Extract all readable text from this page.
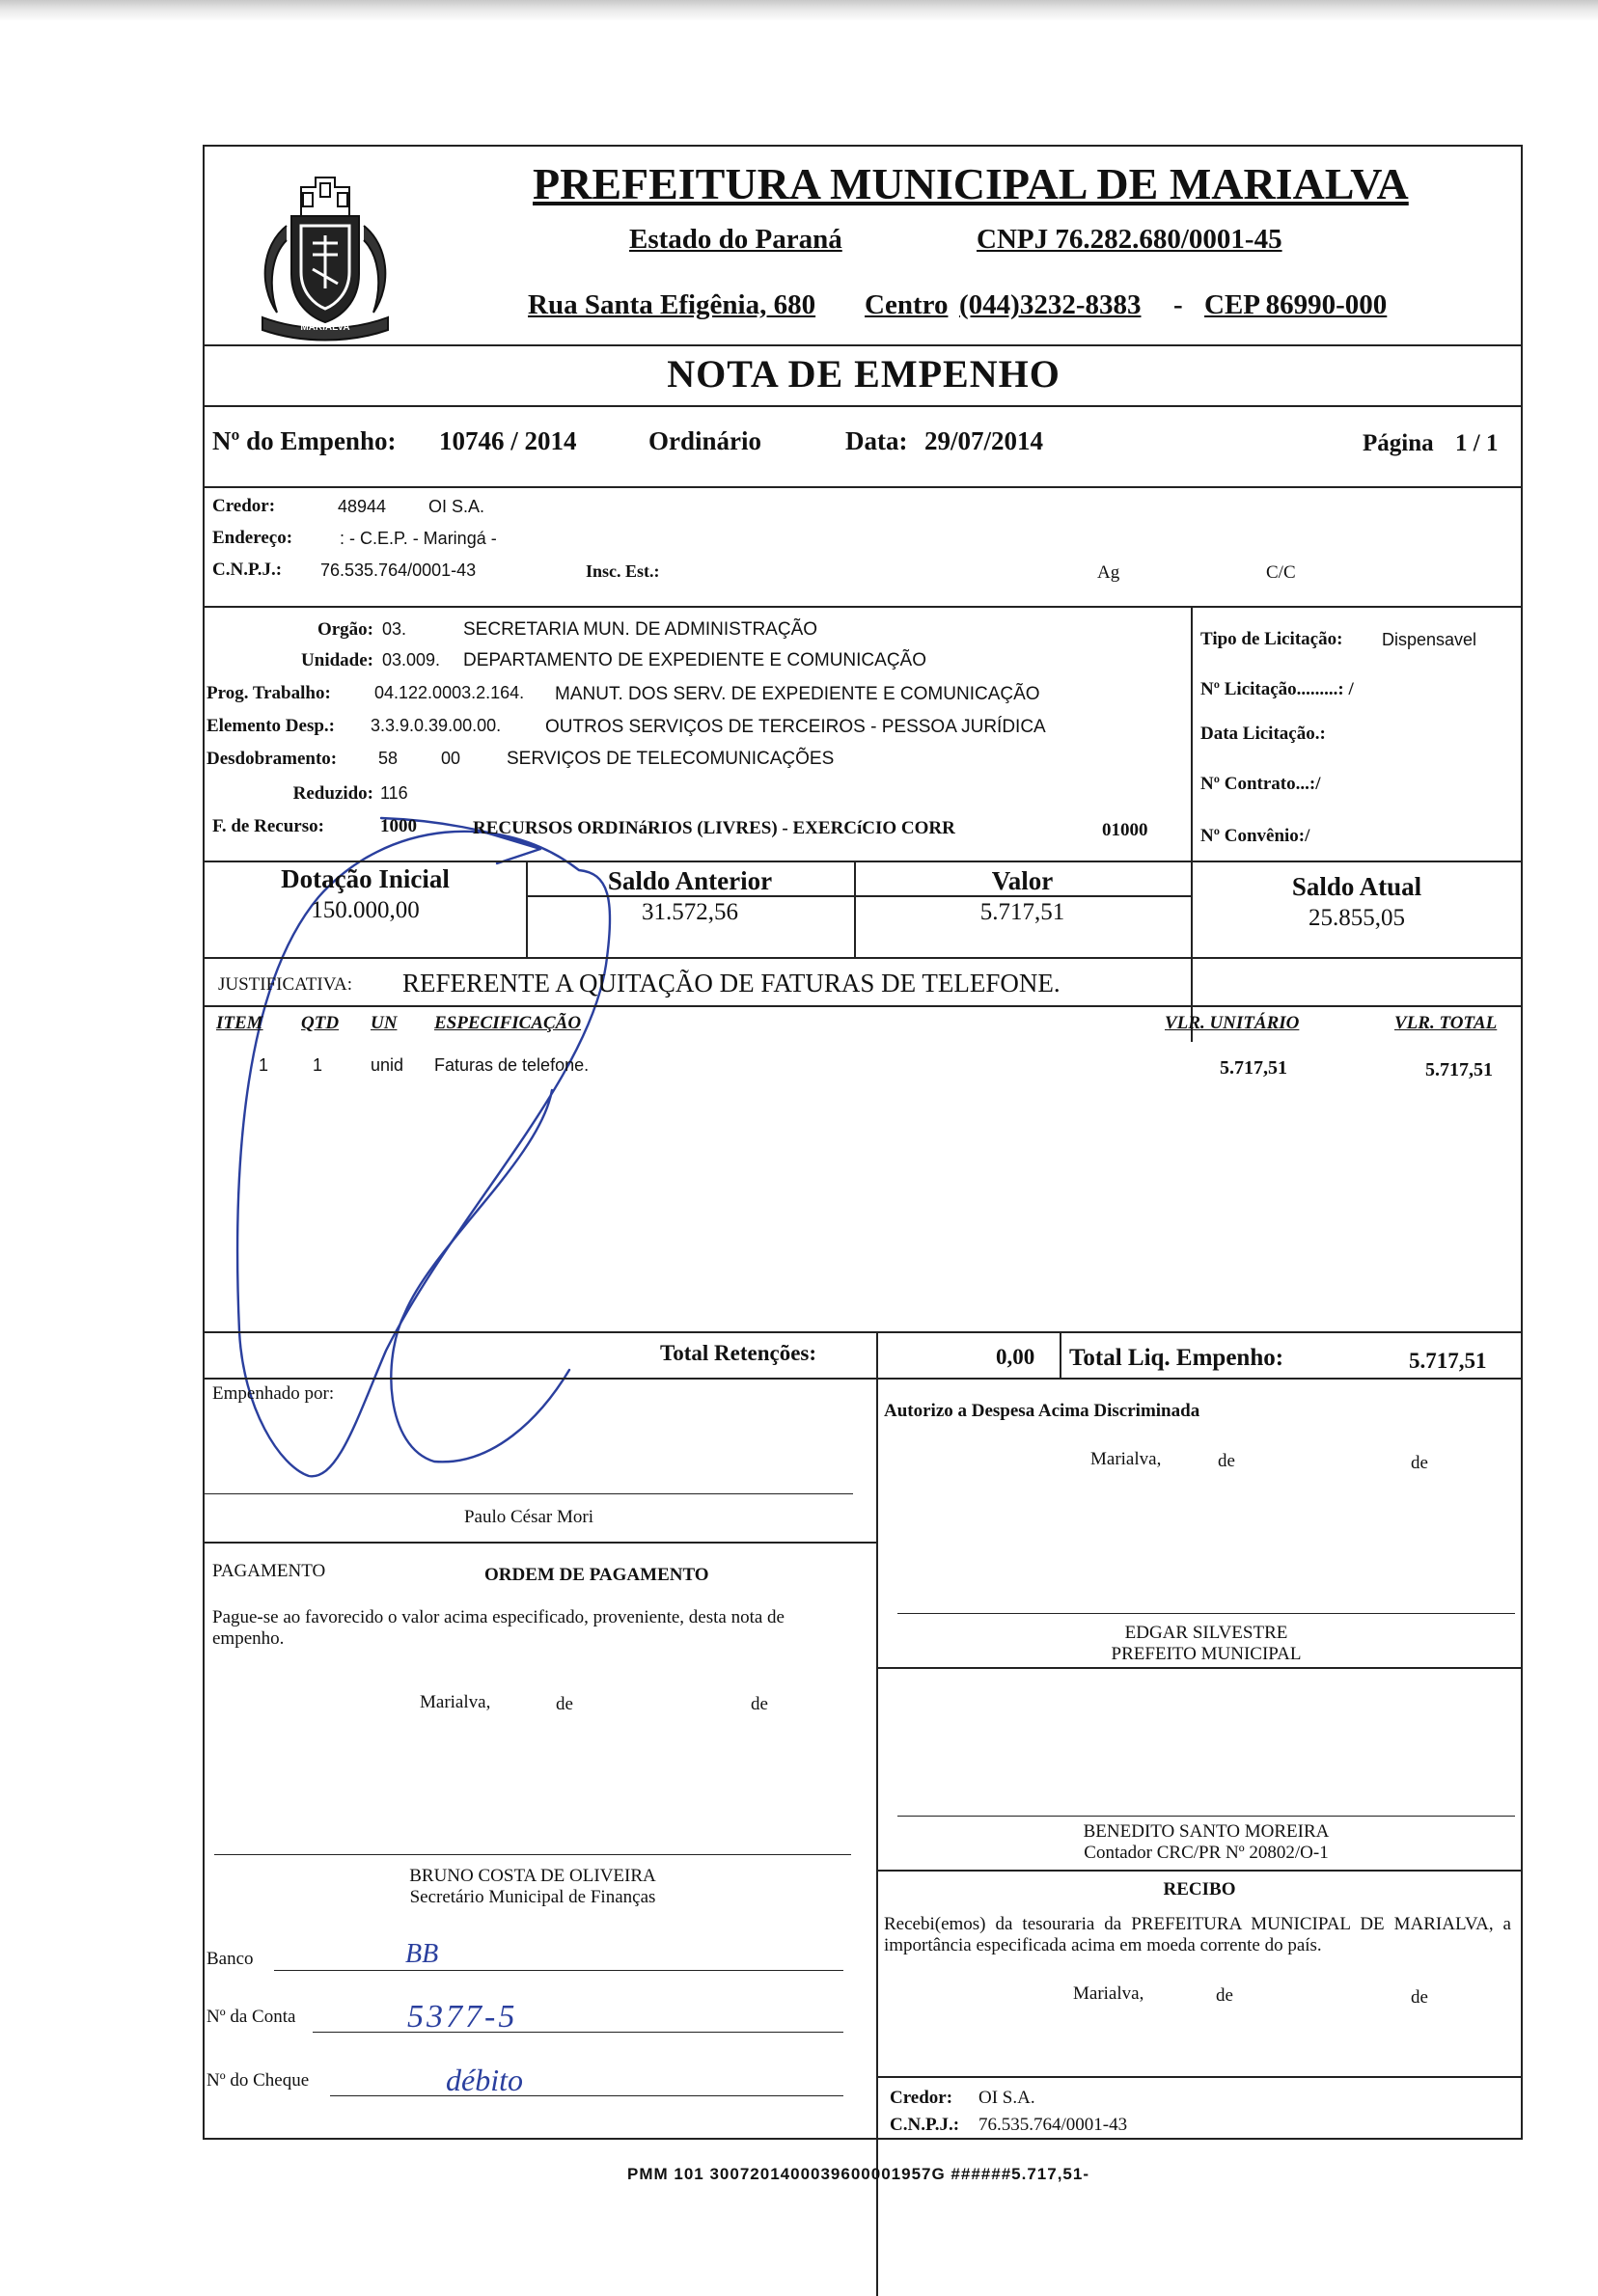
MARIALVA
PREFEITURA MUNICIPAL DE MARIALVA
Estado do Paraná	CNPJ 76.282.680/0001-45
Rua Santa Efigênia, 680 Centro (044)3232-8383 - CEP 86990-000
NOTA DE EMPENHO
Nº do Empenho: 10746 / 2014	Ordinário	Data: 29/07/2014	Página 1 / 1
Credor:	48944 OI S.A.
Endereço:	: - C.E.P. - Maringá -
C.N.P.J.: 76.535.764/0001-43	Insc. Est.:	Ag	C/C
Orgão: 03.	SECRETARIA MUN. DE ADMINISTRAÇÃO
Unidade: 03.009. DEPARTAMENTO DE EXPEDIENTE E COMUNICAÇÃO
Prog. Trabalho:	04.122.0003.2.164. MANUT. DOS SERV. DE EXPEDIENTE E COMUNICAÇÃO
Elemento Desp.: 3.3.9.0.39.00.00. OUTROS SERVIÇOS DE TERCEIROS - PESSOA JURÍDICA
Desdobramento: 58 00	SERVIÇOS DE TELECOMUNICAÇÕES
Reduzido: 116
F. de Recurso:	1000	RECURSOS ORDINáRIOS (LIVRES) - EXERCíCIO CORR	01000
Tipo de Licitação: Dispensavel
Nº Licitação.........: /
Data Licitação.:
Nº Contrato...:/
Nº Convênio:/
Dotação Inicial
150.000,00
Saldo Anterior
31.572,56
Valor
5.717,51
Saldo Atual
25.855,05
JUSTIFICATIVA: REFERENTE A QUITAÇÃO DE FATURAS DE TELEFONE.
ITEM QTD UN ESPECIFICAÇÃO	VLR. UNITÁRIO	VLR. TOTAL
1	1	unid Faturas de telefone.	5.717,51	5.717,51
Total Retenções:	0,00 Total Liq. Empenho:	5.717,51
Empenhado por:
Paulo César Mori
Autorizo a Despesa Acima Discriminada
Marialva,	de	de
PAGAMENTO	ORDEM DE PAGAMENTO
Pague-se ao favorecido o valor acima especificado, proveniente, desta nota de empenho.
Marialva,	de	de
EDGAR SILVESTRE
PREFEITO MUNICIPAL
BRUNO COSTA DE OLIVEIRA
Secretário Municipal de Finanças
BENEDITO SANTO MOREIRA
Contador CRC/PR Nº 20802/O-1
RECIBO
Recebi(emos) da tesouraria da PREFEITURA MUNICIPAL DE MARIALVA, a importância especificada acima em moeda corrente do país.
Marialva,	de	de
Credor: OI S.A.
C.N.P.J.: 76.535.764/0001-43
Banco	BB
Nº da Conta	5377-5
Nº do Cheque	débito
PMM 101 3007201400039600001957G ######5.717,51-
